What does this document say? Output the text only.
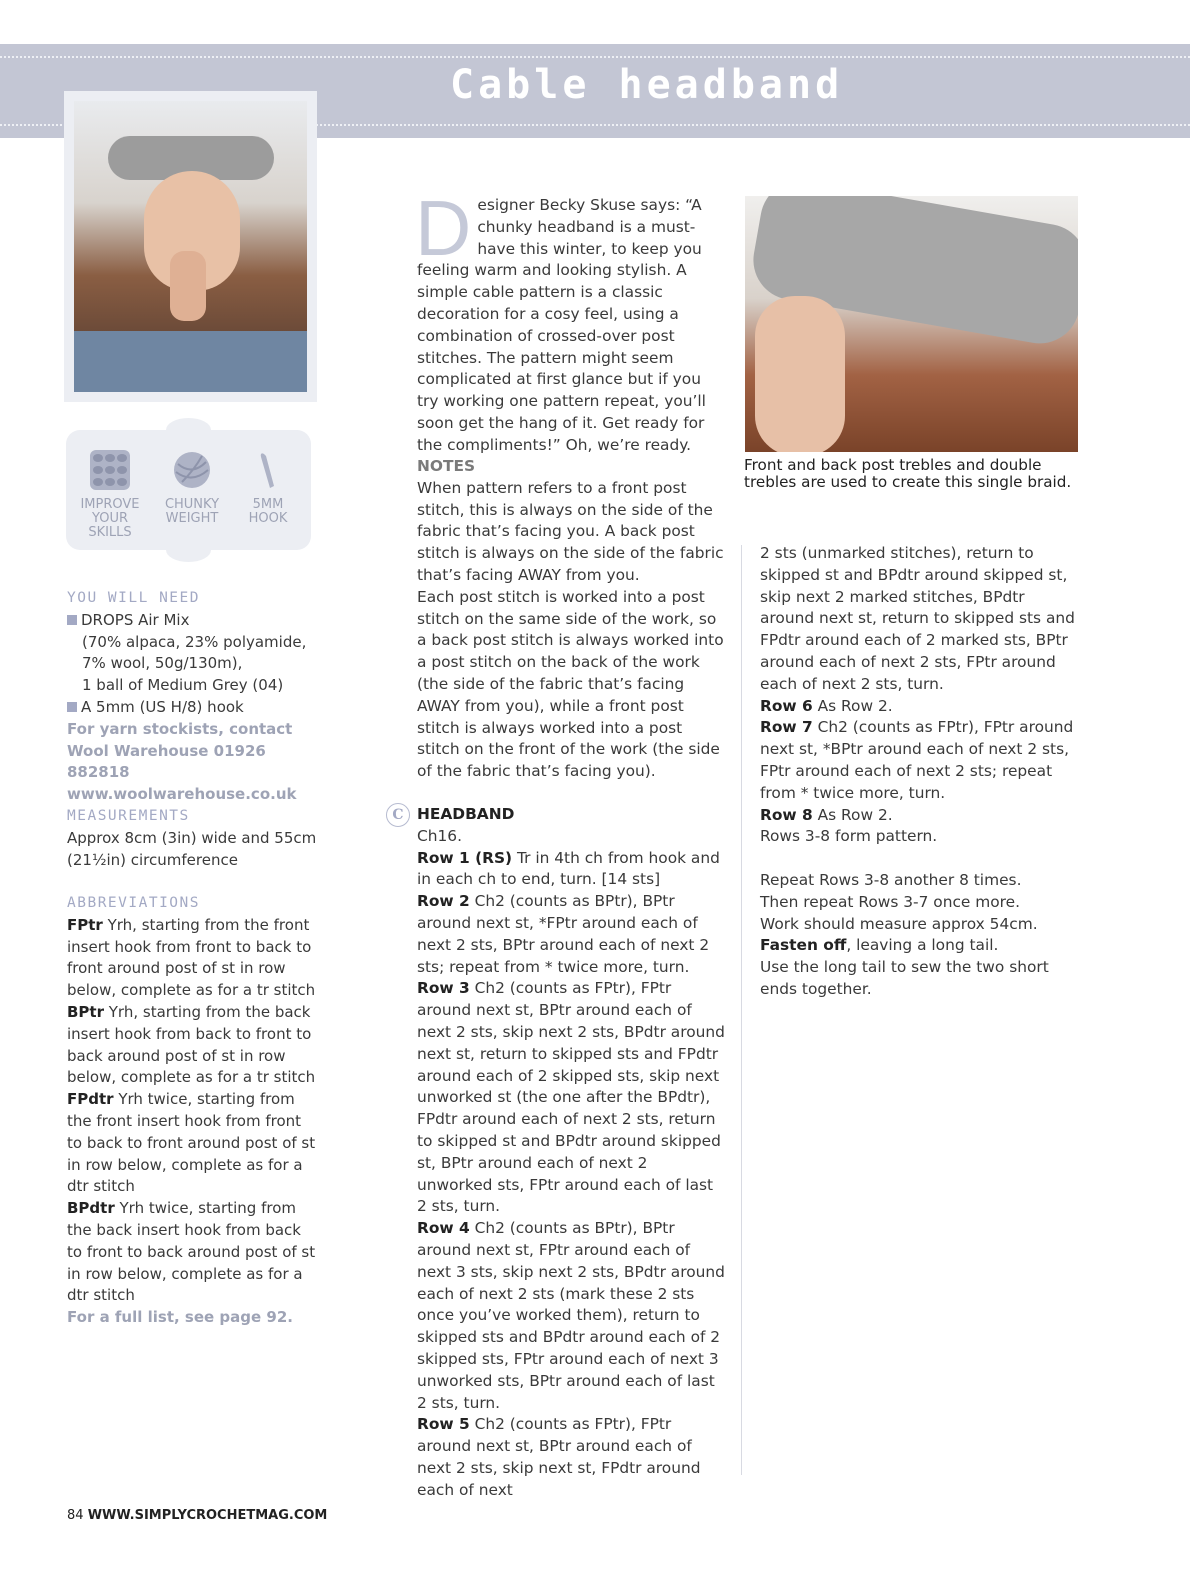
Cable headband
IMPROVE
YOUR SKILLS
CHUNKY
WEIGHT
5MM
HOOK
YOU WILL NEED
DROPS Air Mix
(70% alpaca, 23% polyamide,
7% wool, 50g/130m),
1 ball of Medium Grey (04)
A 5mm (US H/8) hook
For yarn stockists, contact
Wool Warehouse 01926 882818
www.woolwarehouse.co.uk
MEASUREMENTS
Approx 8cm (3in) wide and 55cm (21½in) circumference
ABBREVIATIONS
FPtr Yrh, starting from the front insert hook from front to back to front around post of st in row below, complete as for a tr stitch
BPtr Yrh, starting from the back insert hook from back to front to back around post of st in row below, complete as for a tr stitch
FPdtr Yrh twice, starting from the front insert hook from front to back to front around post of st in row below, complete as for a dtr stitch
BPdtr Yrh twice, starting from the back insert hook from back to front to back around post of st in row below, complete as for a dtr stitch
For a full list, see page 92.
Designer Becky Skuse says: “A chunky headband is a must-have this winter, to keep you feeling warm and looking stylish. A simple cable pattern is a classic decoration for a cosy feel, using a combination of crossed-over post stitches. The pattern might seem complicated at first glance but if you try working one pattern repeat, you’ll soon get the hang of it. Get ready for the compliments!” Oh, we’re ready.
NOTES
When pattern refers to a front post stitch, this is always on the side of the fabric that’s facing you. A back post stitch is always on the side of the fabric that’s facing AWAY from you.
Each post stitch is worked into a post stitch on the same side of the work, so a back post stitch is always worked into a post stitch on the back of the work (the side of the fabric that’s facing AWAY from you), while a front post stitch is always worked into a post stitch on the front of the work (the side of the fabric that’s facing you).
C HEADBAND
Ch16.
Row 1 (RS) Tr in 4th ch from hook and in each ch to end, turn. [14 sts]
Row 2 Ch2 (counts as BPtr), BPtr around next st, *FPtr around each of next 2 sts, BPtr around each of next 2 sts; repeat from * twice more, turn.
Row 3 Ch2 (counts as FPtr), FPtr around next st, BPtr around each of next 2 sts, skip next 2 sts, BPdtr around next st, return to skipped sts and FPdtr around each of 2 skipped sts, skip next unworked st (the one after the BPdtr), FPdtr around each of next 2 sts, return to skipped st and BPdtr around skipped st, BPtr around each of next 2 unworked sts, FPtr around each of last 2 sts, turn.
Row 4 Ch2 (counts as BPtr), BPtr around next st, FPtr around each of next 3 sts, skip next 2 sts, BPdtr around each of next 2 sts (mark these 2 sts once you’ve worked them), return to skipped sts and BPdtr around each of 2 skipped sts, FPtr around each of next 3 unworked sts, BPtr around each of last 2 sts, turn.
Row 5 Ch2 (counts as FPtr), FPtr around next st, BPtr around each of next 2 sts, skip next st, FPdtr around each of next
Front and back post trebles and double trebles are used to create this single braid.
2 sts (unmarked stitches), return to skipped st and BPdtr around skipped st, skip next 2 marked stitches, BPdtr around next st, return to skipped sts and FPdtr around each of 2 marked sts, BPtr around each of next 2 sts, FPtr around each of next 2 sts, turn.
Row 6 As Row 2.
Row 7 Ch2 (counts as FPtr), FPtr around next st, *BPtr around each of next 2 sts, FPtr around each of next 2 sts; repeat from * twice more, turn.
Row 8 As Row 2.
Rows 3-8 form pattern.
Repeat Rows 3-8 another 8 times.
Then repeat Rows 3-7 once more.
Work should measure approx 54cm.
Fasten off, leaving a long tail.
Use the long tail to sew the two short ends together.
84 WWW.SIMPLYCROCHETMAG.COM
